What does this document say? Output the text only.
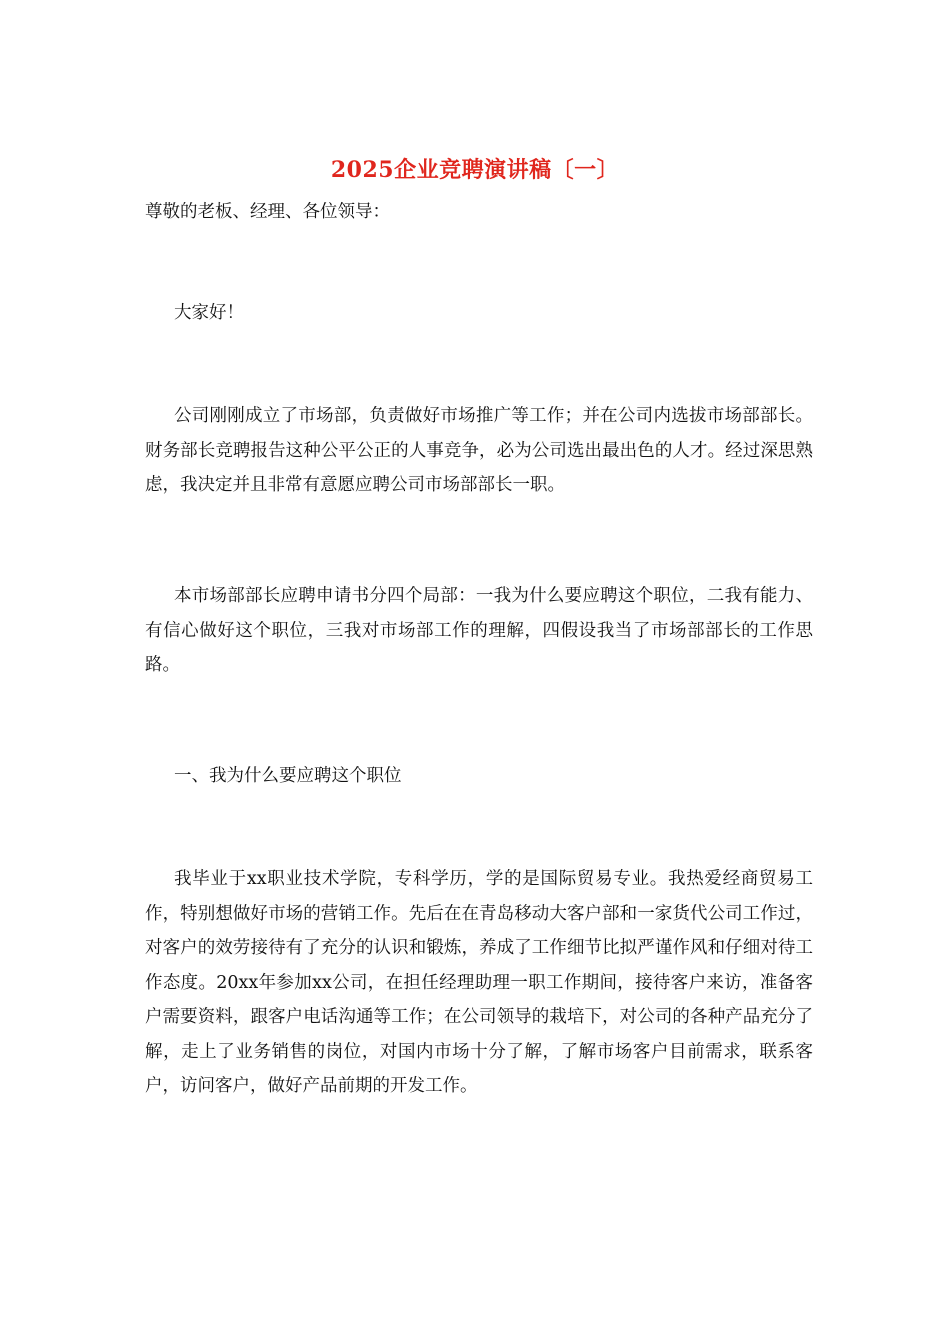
2025企业竞聘演讲稿〔一〕

尊敬的老板、经理、各位领导：

大家好！

公司刚刚成立了市场部，负责做好市场推广等工作；并在公司内选拔市场部部长。财务部长竞聘报告这种公平公正的人事竞争，必为公司选出最出色的人才。经过深思熟虑，我决定并且非常有意愿应聘公司市场部部长一职。

本市场部部长应聘申请书分四个局部：一我为什么要应聘这个职位，二我有能力、有信心做好这个职位，三我对市场部工作的理解，四假设我当了市场部部长的工作思路。

一、我为什么要应聘这个职位

我毕业于xx职业技术学院，专科学历，学的是国际贸易专业。我热爱经商贸易工作，特别想做好市场的营销工作。先后在在青岛移动大客户部和一家货代公司工作过，对客户的效劳接待有了充分的认识和锻炼，养成了工作细节比拟严谨作风和仔细对待工作态度。20xx年参加xx公司，在担任经理助理一职工作期间，接待客户来访，准备客户需要资料，跟客户电话沟通等工作；在公司领导的栽培下，对公司的各种产品充分了解，走上了业务销售的岗位，对国内市场十分了解，了解市场客户目前需求，联系客户，访问客户，做好产品前期的开发工作。
